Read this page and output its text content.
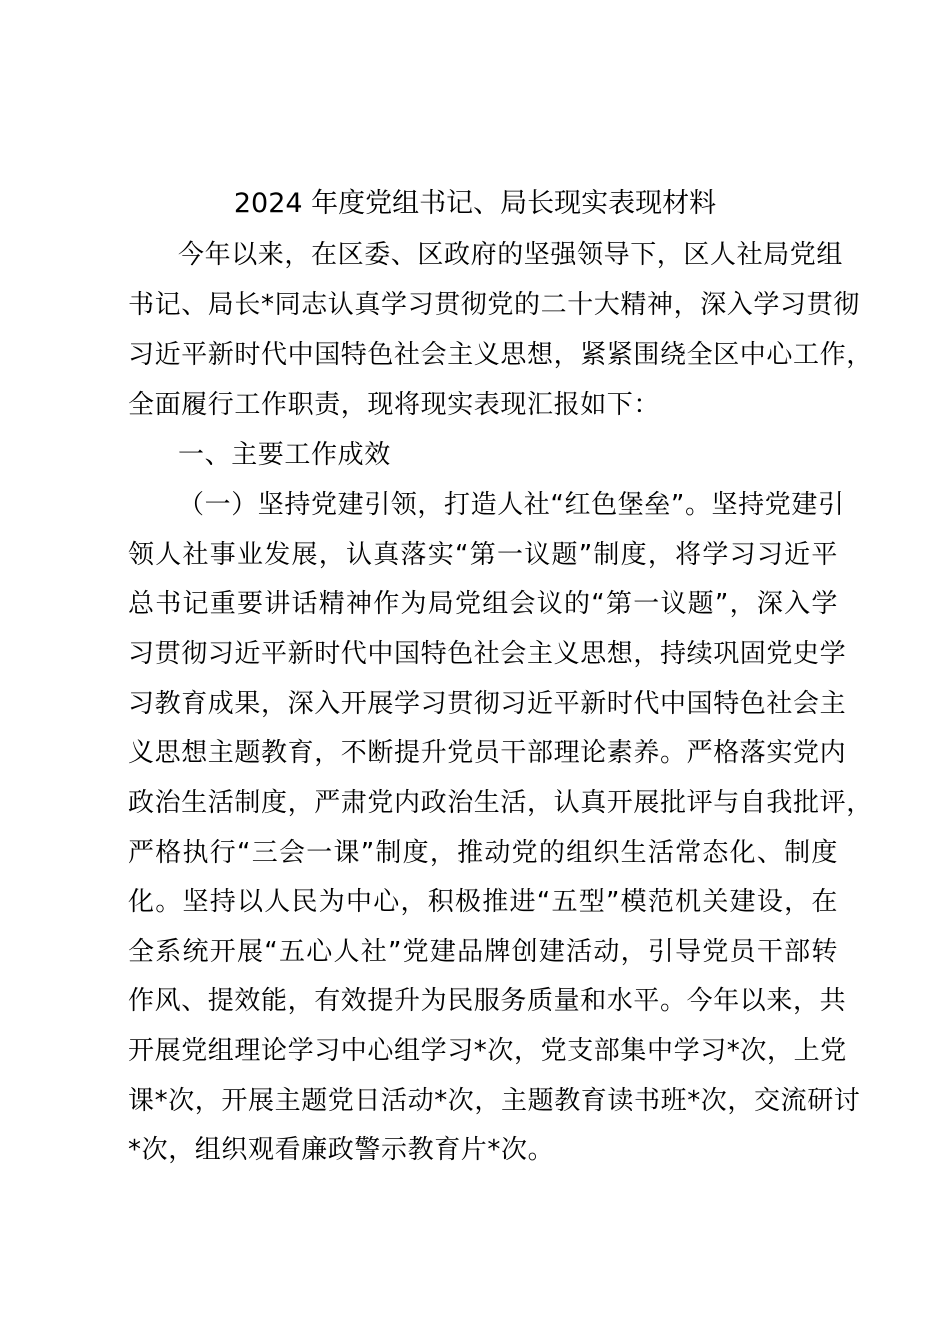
2024 年度党组书记、局长现实表现材料
今年以来，在区委、区政府的坚强领导下，区人社局党组
书记、局长*同志认真学习贯彻党的二十大精神，深入学习贯彻
习近平新时代中国特色社会主义思想，紧紧围绕全区中心工作，
全面履行工作职责，现将现实表现汇报如下：
一、主要工作成效
（一）坚持党建引领，打造人社“红色堡垒”。坚持党建引
领人社事业发展，认真落实“第一议题”制度，将学习习近平
总书记重要讲话精神作为局党组会议的“第一议题”，深入学
习贯彻习近平新时代中国特色社会主义思想，持续巩固党史学
习教育成果，深入开展学习贯彻习近平新时代中国特色社会主
义思想主题教育，不断提升党员干部理论素养。严格落实党内
政治生活制度，严肃党内政治生活，认真开展批评与自我批评，
严格执行“三会一课”制度，推动党的组织生活常态化、制度
化。坚持以人民为中心，积极推进“五型”模范机关建设，在
全系统开展“五心人社”党建品牌创建活动，引导党员干部转
作风、提效能，有效提升为民服务质量和水平。今年以来，共
开展党组理论学习中心组学习*次，党支部集中学习*次，上党
课*次，开展主题党日活动*次，主题教育读书班*次，交流研讨
*次，组织观看廉政警示教育片*次。
